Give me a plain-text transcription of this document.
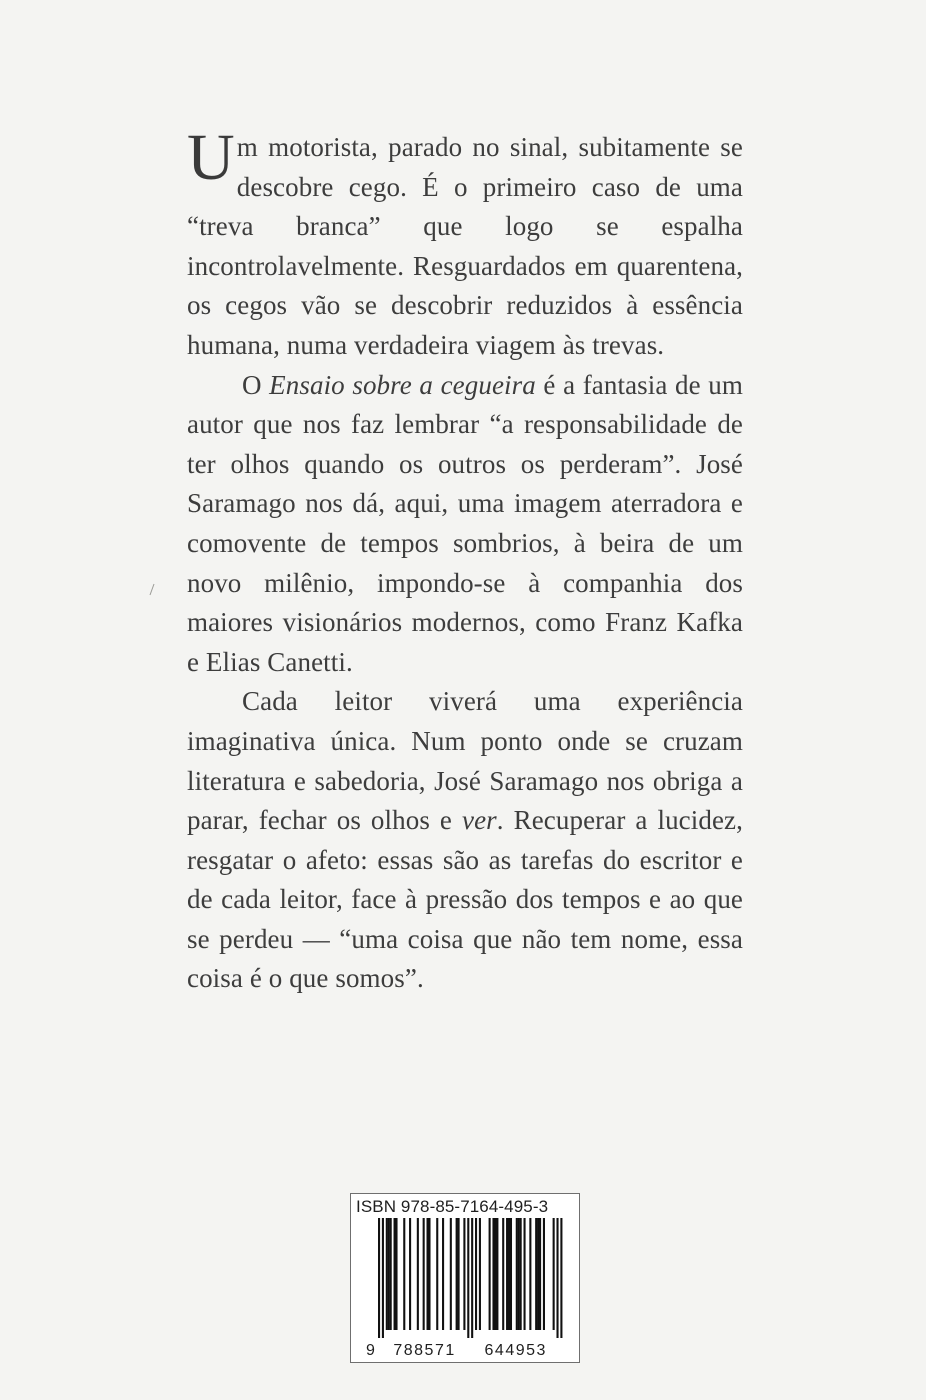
Um motorista, parado no sinal, subitamente se descobre cego. É o primeiro caso de uma “treva branca” que logo se espalha incontrolavelmente. Resguardados em quarentena, os cegos vão se descobrir reduzidos à essência humana, numa verdadeira viagem às trevas.

O Ensaio sobre a cegueira é a fantasia de um autor que nos faz lembrar “a responsabilidade de ter olhos quando os outros os perderam”. José Saramago nos dá, aqui, uma imagem aterradora e comovente de tempos sombrios, à beira de um novo milênio, impondo-se à companhia dos maiores visionários modernos, como Franz Kafka e Elias Canetti.

Cada leitor viverá uma experiência imaginativa única. Num ponto onde se cruzam literatura e sabedoria, José Saramago nos obriga a parar, fechar os olhos e ver. Recuperar a lucidez, resgatar o afeto: essas são as tarefas do escritor e de cada leitor, face à pressão dos tempos e ao que se perdeu — “uma coisa que não tem nome, essa coisa é o que somos”.

ISBN 978-85-7164-495-3
9 788571 644953
